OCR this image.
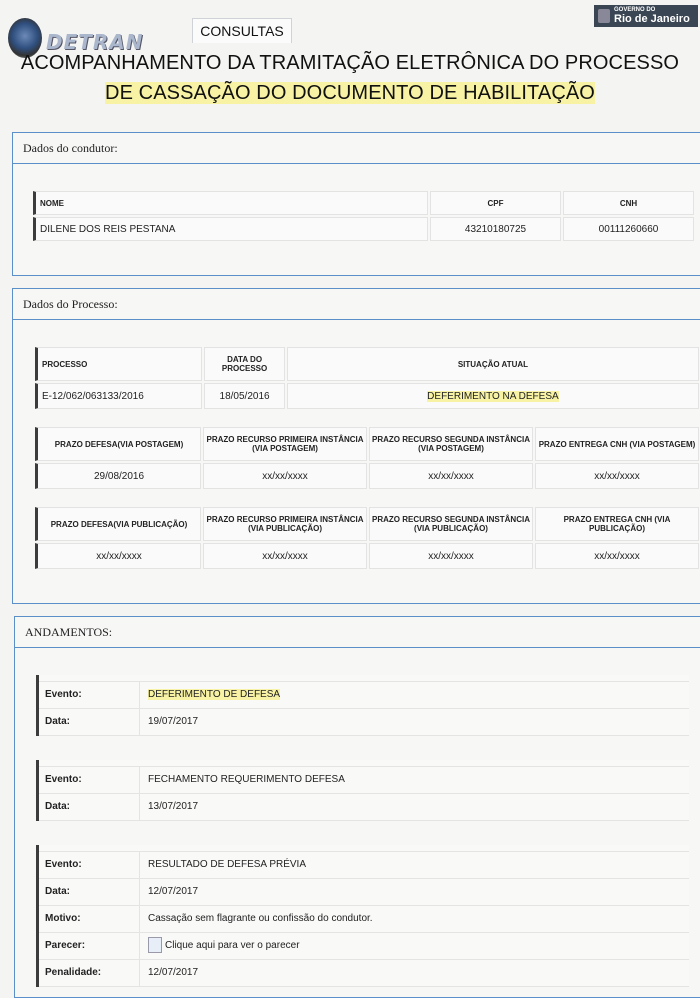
DETRAN	CONSULTAS
GOVERNO DO
Rio de Janeiro
ACOMPANHAMENTO DA TRAMITAÇÃO ELETRÔNICA DO PROCESSO
DE CASSAÇÃO DO DOCUMENTO DE HABILITAÇÃO
Dados do condutor:
NOME	CPF	CNH
DILENE DOS REIS PESTANA	43210180725	00111260660
Dados do Processo:
PROCESSO	DATA DO PROCESSO	SITUAÇÃO ATUAL
E-12/062/063133/2016	18/05/2016	DEFERIMENTO NA DEFESA
PRAZO DEFESA(VIA POSTAGEM)	PRAZO RECURSO PRIMEIRA INSTÂNCIA (VIA POSTAGEM)	PRAZO RECURSO SEGUNDA INSTÂNCIA (VIA POSTAGEM)	PRAZO ENTREGA CNH (VIA POSTAGEM)
29/08/2016	xx/xx/xxxx	xx/xx/xxxx	xx/xx/xxxx
PRAZO DEFESA(VIA PUBLICAÇÃO)	PRAZO RECURSO PRIMEIRA INSTÂNCIA (VIA PUBLICAÇÃO)	PRAZO RECURSO SEGUNDA INSTÂNCIA (VIA PUBLICAÇÃO)	PRAZO ENTREGA CNH (VIA PUBLICAÇÃO)
xx/xx/xxxx	xx/xx/xxxx	xx/xx/xxxx	xx/xx/xxxx
ANDAMENTOS:
Evento:	DEFERIMENTO DE DEFESA
Data:	19/07/2017
Evento:	FECHAMENTO REQUERIMENTO DEFESA
Data:	13/07/2017
Evento:	RESULTADO DE DEFESA PRÉVIA
Data:	12/07/2017
Motivo:	Cassação sem flagrante ou confissão do condutor.
Parecer:	Clique aqui para ver o parecer
Penalidade:	12/07/2017
